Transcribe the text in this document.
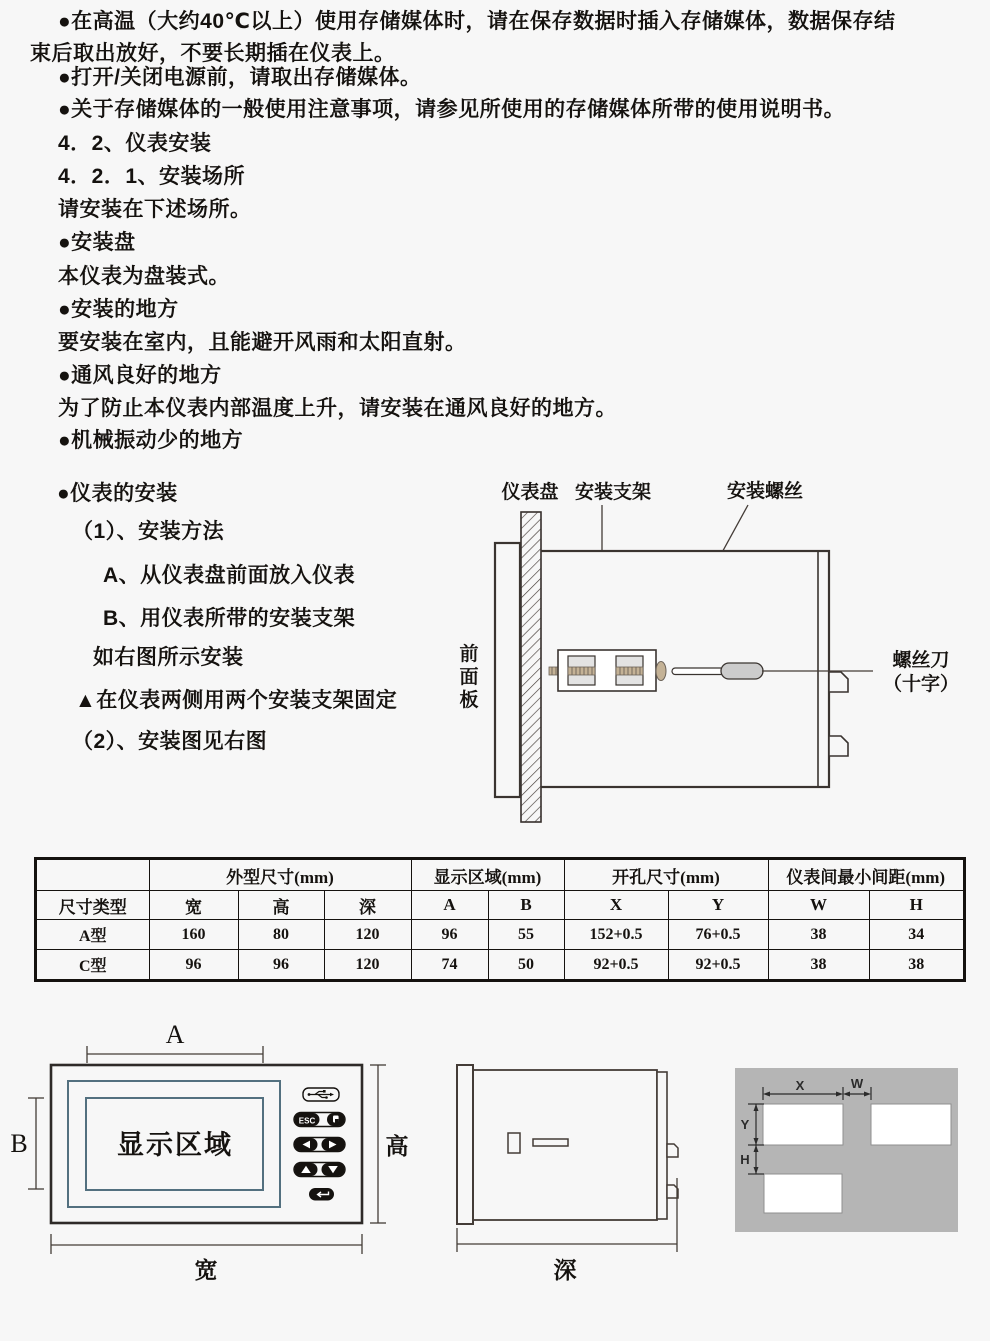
●在高温（大约40℃以上）使用存储媒体时，请在保存数据时插入存储媒体，数据保存结
束后取出放好，不要长期插在仪表上。
●打开/关闭电源前，请取出存储媒体。
●关于存储媒体的一般使用注意事项，请参见所使用的存储媒体所带的使用说明书。
4．2、仪表安装
4．2．1、安装场所
请安装在下述场所。
●安装盘
本仪表为盘装式。
●安装的地方
要安装在室内，且能避开风雨和太阳直射。
●通风良好的地方
为了防止本仪表内部温度上升，请安装在通风良好的地方。
●机械振动少的地方
●仪表的安装
（1）、安装方法
A、从仪表盘前面放入仪表
B、用仪表所带的安装支架
如右图所示安装
▲在仪表两侧用两个安装支架固定
（2）、安装图见右图
仪表盘 安装支架	安装螺丝
前
面
板
螺丝刀
（十字）
	外型尺寸(mm)			显示区域(mm)		开孔尺寸(mm)		仪表间最小间距(mm)	
尺寸类型	宽	高	深	A	B	X	Y	W	H
A型	160	80	120	96	55	152+0.5	76+0.5	38	34
C型	96	96	120	74	50	92+0.5	92+0.5	38	38
显示区域
A
B
宽
高
ESC
深
X	W
Y
H
